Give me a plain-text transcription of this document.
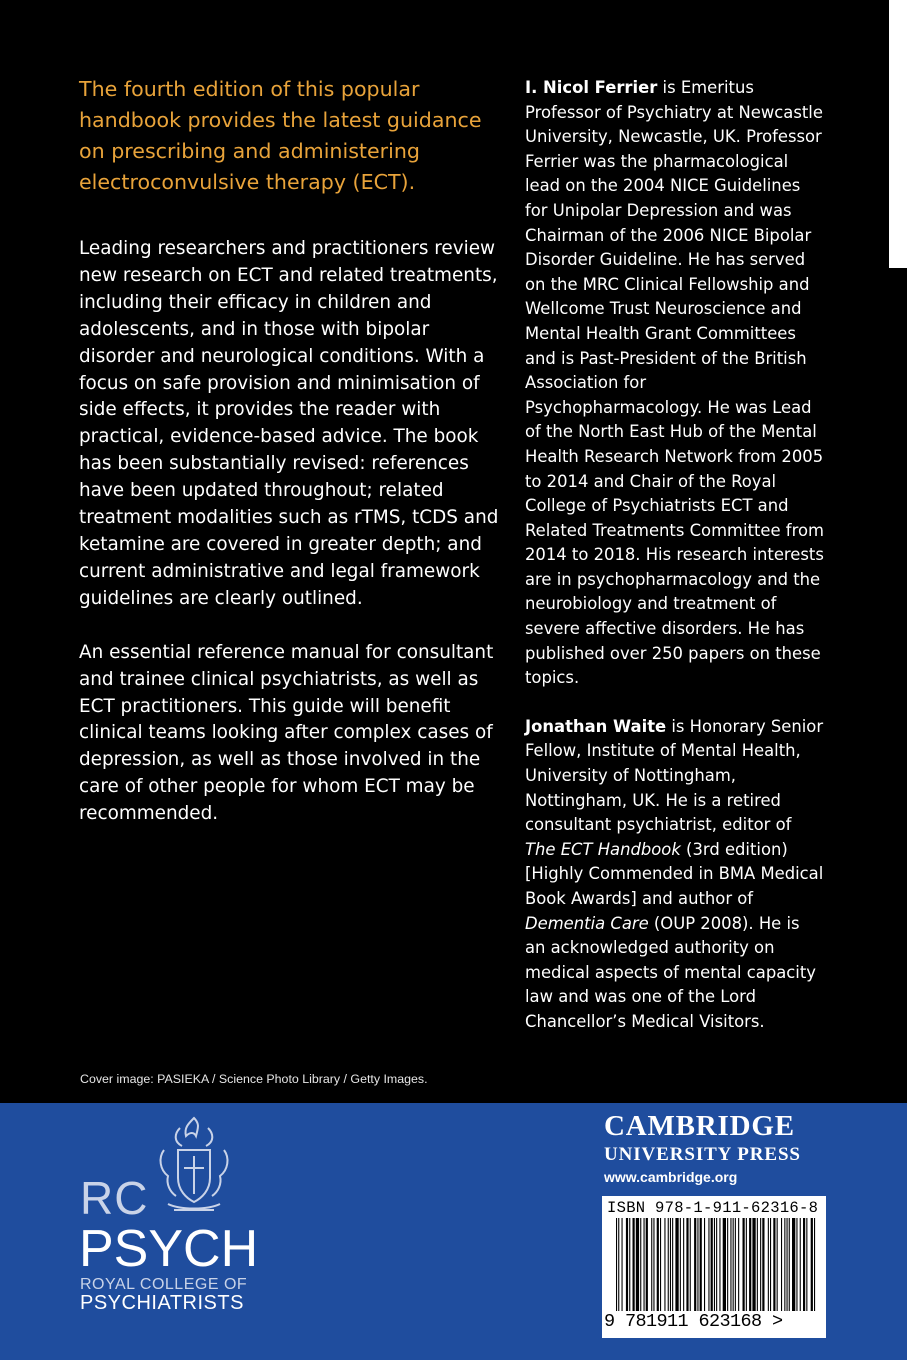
The fourth edition of this popular handbook provides the latest guidance on prescribing and administering electroconvulsive therapy (ECT).

Leading researchers and practitioners review new research on ECT and related treatments, including their efficacy in children and adolescents, and in those with bipolar disorder and neurological conditions. With a focus on safe provision and minimisation of side effects, it provides the reader with practical, evidence-based advice. The book has been substantially revised: references have been updated throughout; related treatment modalities such as rTMS, tCDS and ketamine are covered in greater depth; and current administrative and legal framework guidelines are clearly outlined.

An essential reference manual for consultant and trainee clinical psychiatrists, as well as ECT practitioners. This guide will benefit clinical teams looking after complex cases of depression, as well as those involved in the care of other people for whom ECT may be recommended.

I. Nicol Ferrier is Emeritus Professor of Psychiatry at Newcastle University, Newcastle, UK. Professor Ferrier was the pharmacological lead on the 2004 NICE Guidelines for Unipolar Depression and was Chairman of the 2006 NICE Bipolar Disorder Guideline. He has served on the MRC Clinical Fellowship and Wellcome Trust Neuroscience and Mental Health Grant Committees and is Past-President of the British Association for Psychopharmacology. He was Lead of the North East Hub of the Mental Health Research Network from 2005 to 2014 and Chair of the Royal College of Psychiatrists ECT and Related Treatments Committee from 2014 to 2018. His research interests are in psychopharmacology and the neurobiology and treatment of severe affective disorders. He has published over 250 papers on these topics.

Jonathan Waite is Honorary Senior Fellow, Institute of Mental Health, University of Nottingham, Nottingham, UK. He is a retired consultant psychiatrist, editor of The ECT Handbook (3rd edition) [Highly Commended in BMA Medical Book Awards] and author of Dementia Care (OUP 2008). He is an acknowledged authority on medical aspects of mental capacity law and was one of the Lord Chancellor’s Medical Visitors.

Cover image: PASIEKA / Science Photo Library / Getty Images.
RC
PSYCH
ROYAL COLLEGE OF
PSYCHIATRISTS
CAMBRIDGE
UNIVERSITY PRESS
www.cambridge.org
ISBN 978-1-911-62316-8
9 781911 623168 >
